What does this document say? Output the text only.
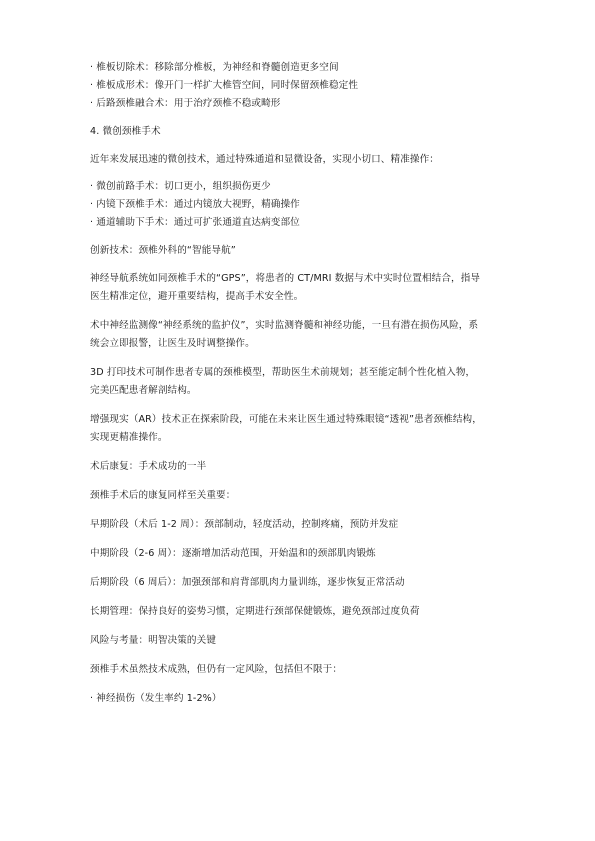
· 椎板切除术：移除部分椎板，为神经和脊髓创造更多空间
· 椎板成形术：像开门一样扩大椎管空间，同时保留颈椎稳定性
· 后路颈椎融合术：用于治疗颈椎不稳或畸形

4. 微创颈椎手术

近年来发展迅速的微创技术，通过特殊通道和显微设备，实现小切口、精准操作：

· 微创前路手术：切口更小，组织损伤更少
· 内镜下颈椎手术：通过内镜放大视野，精确操作
· 通道辅助下手术：通过可扩张通道直达病变部位

创新技术：颈椎外科的“智能导航”

神经导航系统如同颈椎手术的“GPS”，将患者的 CT/MRI 数据与术中实时位置相结合，指导
医生精准定位，避开重要结构，提高手术安全性。

术中神经监测像“神经系统的监护仪”，实时监测脊髓和神经功能，一旦有潜在损伤风险，系
统会立即报警，让医生及时调整操作。

3D 打印技术可制作患者专属的颈椎模型，帮助医生术前规划；甚至能定制个性化植入物，
完美匹配患者解剖结构。

增强现实（AR）技术正在探索阶段，可能在未来让医生通过特殊眼镜“透视”患者颈椎结构，
实现更精准操作。

术后康复：手术成功的一半

颈椎手术后的康复同样至关重要：

早期阶段（术后 1-2 周）：颈部制动，轻度活动，控制疼痛，预防并发症

中期阶段（2-6 周）：逐渐增加活动范围，开始温和的颈部肌肉锻炼

后期阶段（6 周后）：加强颈部和肩背部肌肉力量训练，逐步恢复正常活动

长期管理：保持良好的姿势习惯，定期进行颈部保健锻炼，避免颈部过度负荷

风险与考量：明智决策的关键

颈椎手术虽然技术成熟，但仍有一定风险，包括但不限于：

· 神经损伤（发生率约 1-2%）
